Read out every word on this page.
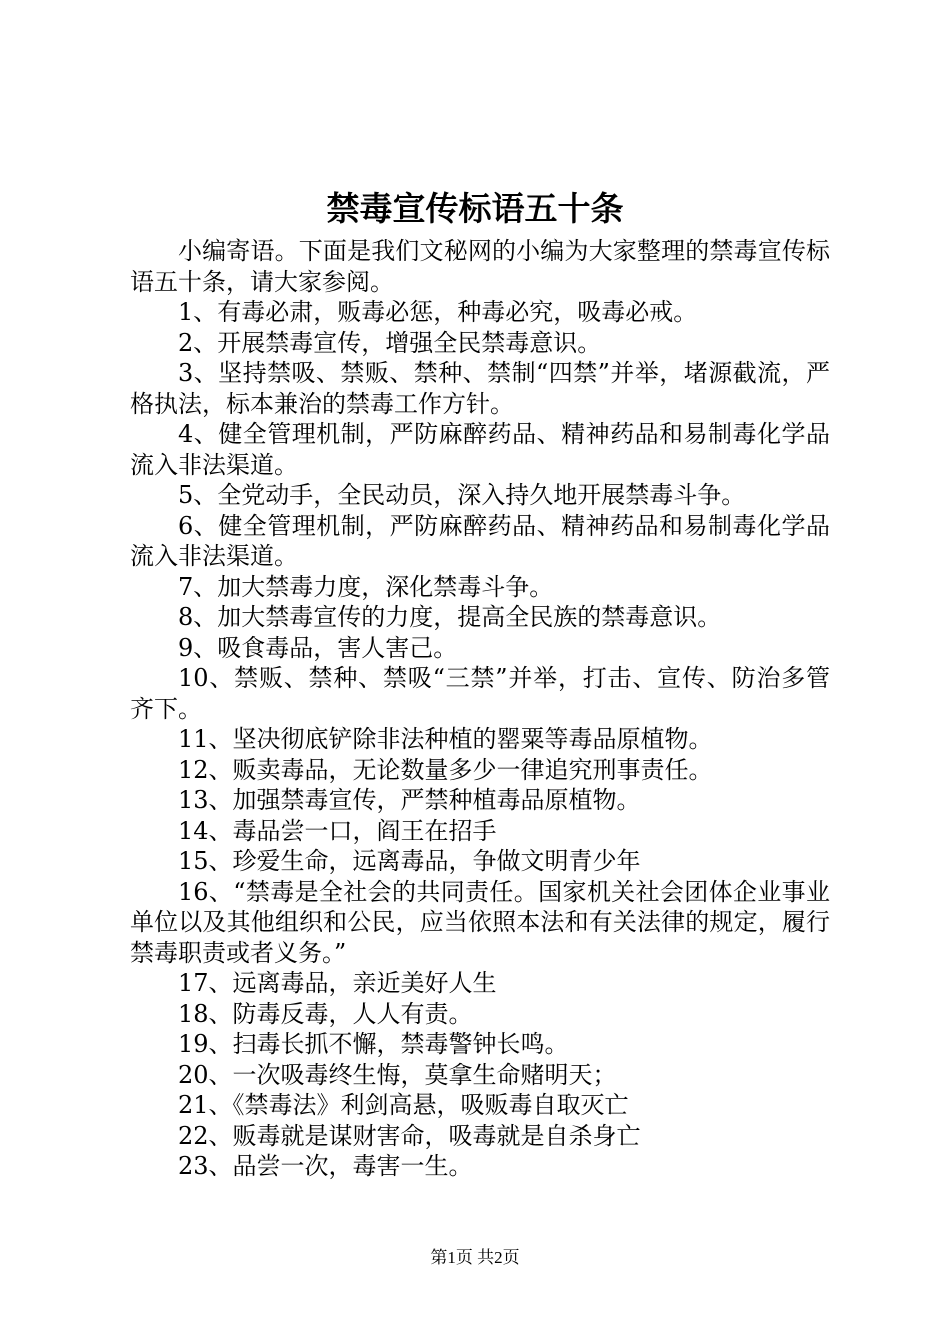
禁毒宣传标语五十条

小编寄语。下面是我们文秘网的小编为大家整理的禁毒宣传标语五十条，请大家参阅。

1、有毒必肃，贩毒必惩，种毒必究，吸毒必戒。

2、开展禁毒宣传，增强全民禁毒意识。

3、坚持禁吸、禁贩、禁种、禁制“四禁”并举，堵源截流，严格执法，标本兼治的禁毒工作方针。

4、健全管理机制，严防麻醉药品、精神药品和易制毒化学品流入非法渠道。

5、全党动手，全民动员，深入持久地开展禁毒斗争。

6、健全管理机制，严防麻醉药品、精神药品和易制毒化学品流入非法渠道。

7、加大禁毒力度，深化禁毒斗争。

8、加大禁毒宣传的力度，提高全民族的禁毒意识。

9、吸食毒品，害人害己。

10、禁贩、禁种、禁吸“三禁”并举，打击、宣传、防治多管齐下。

11、坚决彻底铲除非法种植的罂粟等毒品原植物。

12、贩卖毒品，无论数量多少一律追究刑事责任。

13、加强禁毒宣传，严禁种植毒品原植物。

14、毒品尝一口，阎王在招手

15、珍爱生命，远离毒品，争做文明青少年

16、“禁毒是全社会的共同责任。国家机关社会团体企业事业单位以及其他组织和公民，应当依照本法和有关法律的规定，履行禁毒职责或者义务。”

17、远离毒品，亲近美好人生

18、防毒反毒，人人有责。

19、扫毒长抓不懈，禁毒警钟长鸣。

20、一次吸毒终生悔，莫拿生命赌明天；

21、《禁毒法》利剑高悬，吸贩毒自取灭亡

22、贩毒就是谋财害命，吸毒就是自杀身亡

23、品尝一次，毒害一生。

第1页 共2页
